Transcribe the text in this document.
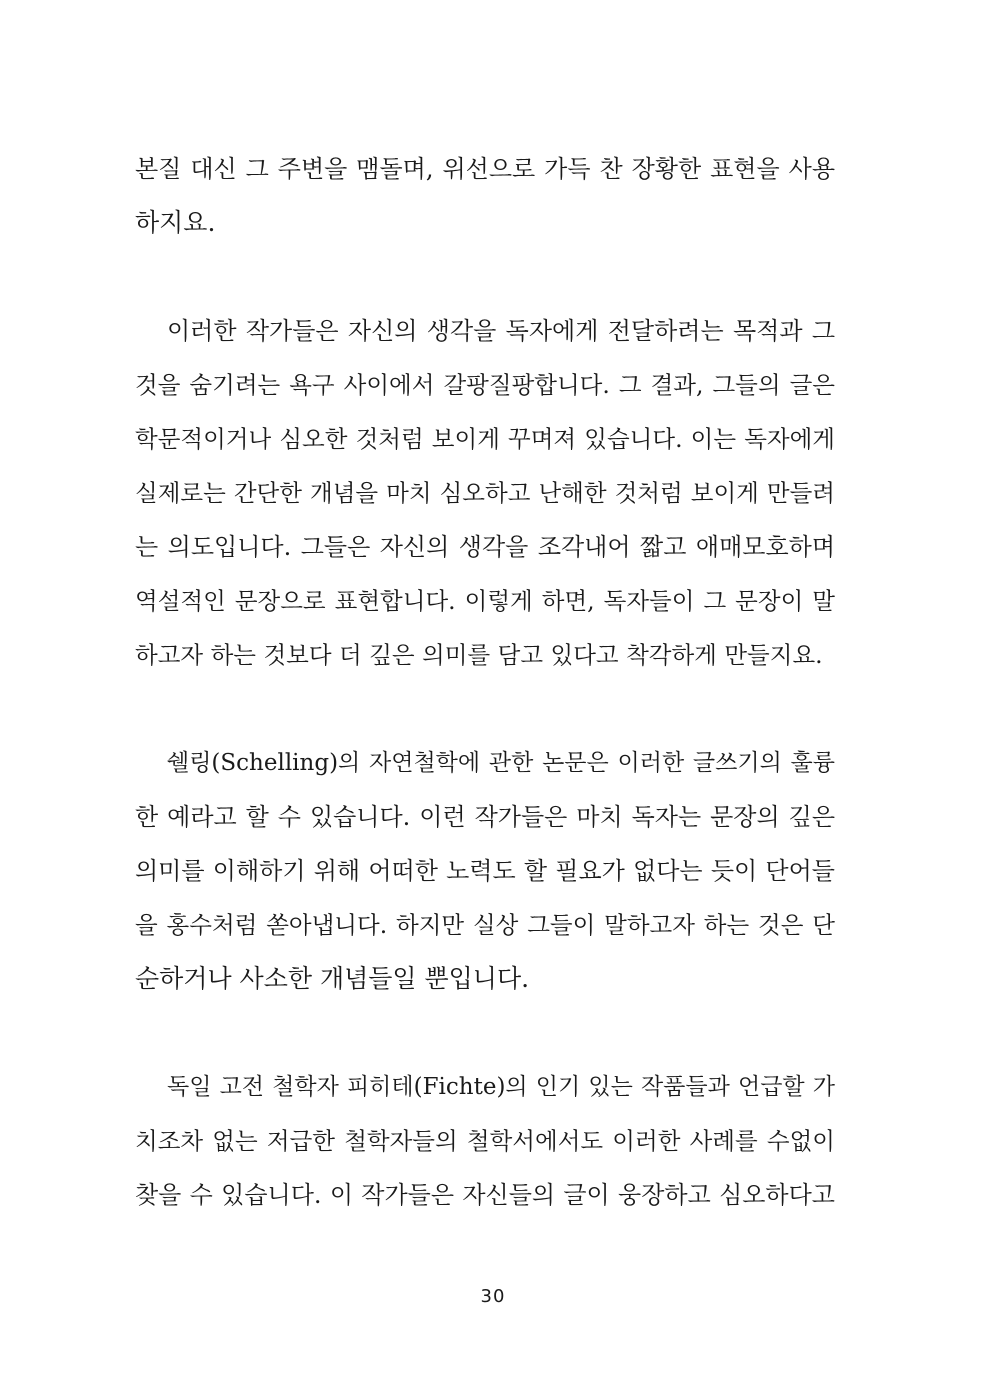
본질 대신 그 주변을 맴돌며, 위선으로 가득 찬 장황한 표현을 사용
하지요.
이러한 작가들은 자신의 생각을 독자에게 전달하려는 목적과 그
것을 숨기려는 욕구 사이에서 갈팡질팡합니다. 그 결과, 그들의 글은
학문적이거나 심오한 것처럼 보이게 꾸며져 있습니다. 이는 독자에게
실제로는 간단한 개념을 마치 심오하고 난해한 것처럼 보이게 만들려
는 의도입니다. 그들은 자신의 생각을 조각내어 짧고 애매모호하며
역설적인 문장으로 표현합니다. 이렇게 하면, 독자들이 그 문장이 말
하고자 하는 것보다 더 깊은 의미를 담고 있다고 착각하게 만들지요.
쉘링(Schelling)의 자연철학에 관한 논문은 이러한 글쓰기의 훌륭
한 예라고 할 수 있습니다. 이런 작가들은 마치 독자는 문장의 깊은
의미를 이해하기 위해 어떠한 노력도 할 필요가 없다는 듯이 단어들
을 홍수처럼 쏟아냅니다. 하지만 실상 그들이 말하고자 하는 것은 단
순하거나 사소한 개념들일 뿐입니다.
독일 고전 철학자 피히테(Fichte)의 인기 있는 작품들과 언급할 가
치조차 없는 저급한 철학자들의 철학서에서도 이러한 사례를 수없이
찾을 수 있습니다. 이 작가들은 자신들의 글이 웅장하고 심오하다고
30
